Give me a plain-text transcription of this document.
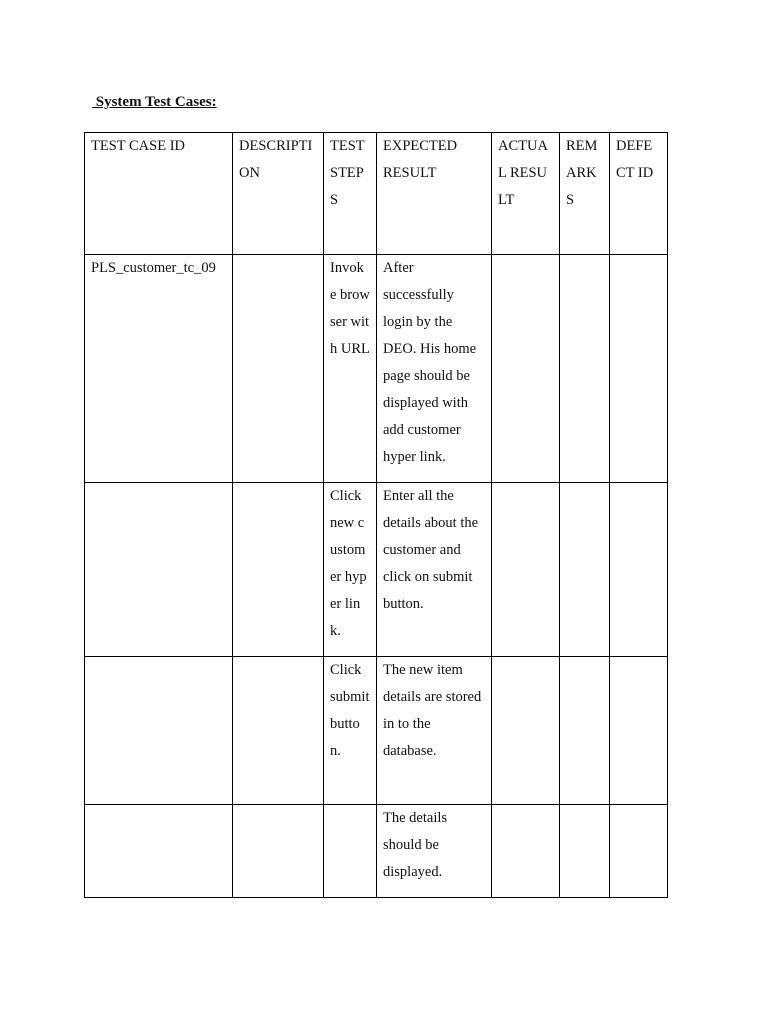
System Test Cases:

TEST CASE ID	DESCRIPTION	TEST STEPS	EXPECTED RESULT	ACTUAL RESULT	REMARKS	DEFECT ID
PLS_customer_tc_09		Invoke browser with URL	After successfully login by the DEO. His home page should be displayed with add customer hyper link.			
		Click new customer hyper link.	Enter all the details about the customer and click on submit button.			
		Click submit button.	The new item details are stored in to the database.			
			The details should be displayed.			
